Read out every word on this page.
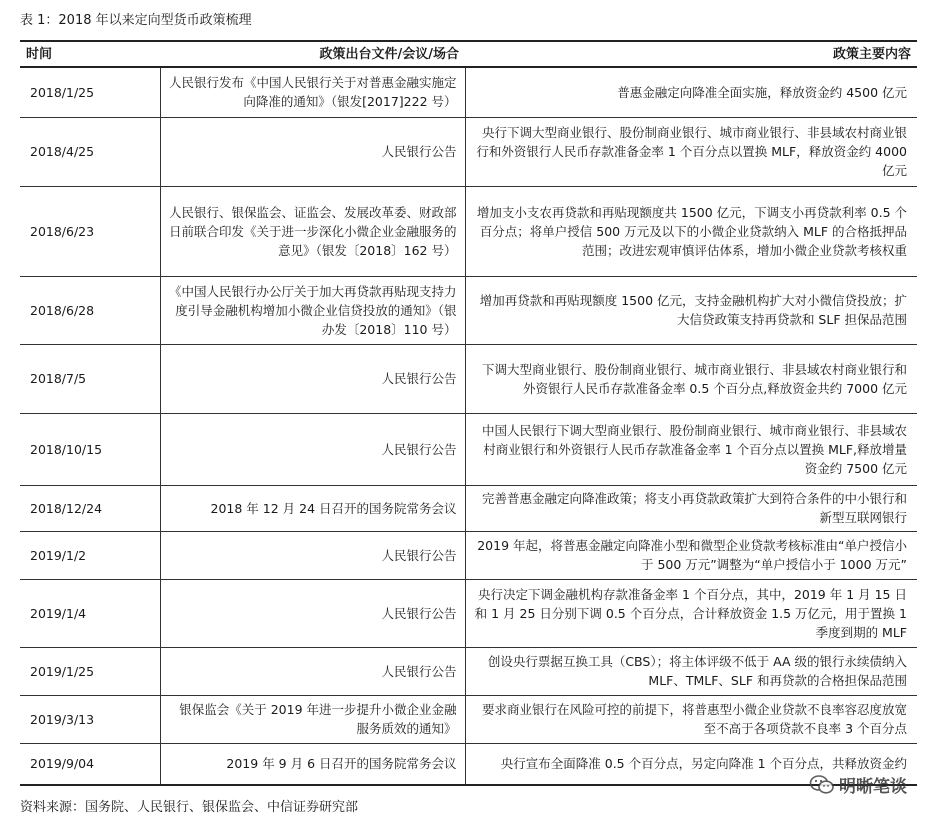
表 1：2018 年以来定向型货币政策梳理
时间	政策出台文件/会议/场合	政策主要内容
2018/1/25	人民银行发布《中国人民银行关于对普惠金融实施定向降准的通知》（银发[2017]222 号）	普惠金融定向降准全面实施，释放资金约 4500 亿元
2018/4/25	人民银行公告	央行下调大型商业银行、股份制商业银行、城市商业银行、非县域农村商业银行和外资银行人民币存款准备金率 1 个百分点以置换 MLF，释放资金约 4000 亿元
2018/6/23	人民银行、银保监会、证监会、发展改革委、财政部日前联合印发《关于进一步深化小微企业金融服务的意见》（银发〔2018〕162 号）	增加支小支农再贷款和再贴现额度共 1500 亿元，下调支小再贷款利率 0.5 个百分点；将单户授信 500 万元及以下的小微企业贷款纳入 MLF 的合格抵押品范围；改进宏观审慎评估体系，增加小微企业贷款考核权重
2018/6/28	《中国人民银行办公厅关于加大再贷款再贴现支持力度引导金融机构增加小微企业信贷投放的通知》（银办发〔2018〕110 号）	增加再贷款和再贴现额度 1500 亿元，支持金融机构扩大对小微信贷投放；扩大信贷政策支持再贷款和 SLF 担保品范围
2018/7/5	人民银行公告	下调大型商业银行、股份制商业银行、城市商业银行、非县域农村商业银行和外资银行人民币存款准备金率 0.5 个百分点,释放资金共约 7000 亿元
2018/10/15	人民银行公告	中国人民银行下调大型商业银行、股份制商业银行、城市商业银行、非县域农村商业银行和外资银行人民币存款准备金率 1 个百分点以置换 MLF,释放增量资金约 7500 亿元
2018/12/24	2018 年 12 月 24 日召开的国务院常务会议	完善普惠金融定向降准政策；将支小再贷款政策扩大到符合条件的中小银行和新型互联网银行
2019/1/2	人民银行公告	2019 年起，将普惠金融定向降准小型和微型企业贷款考核标准由“单户授信小于 500 万元”调整为“单户授信小于 1000 万元”
2019/1/4	人民银行公告	央行决定下调金融机构存款准备金率 1 个百分点，其中，2019 年 1 月 15 日和 1 月 25 日分别下调 0.5 个百分点，合计释放资金 1.5 万亿元，用于置换 1 季度到期的 MLF
2019/1/25	人民银行公告	创设央行票据互换工具（CBS）；将主体评级不低于 AA 级的银行永续债纳入 MLF、TMLF、SLF 和再贷款的合格担保品范围
2019/3/13	银保监会《关于 2019 年进一步提升小微企业金融服务质效的通知》	要求商业银行在风险可控的前提下，将普惠型小微企业贷款不良率容忍度放宽至不高于各项贷款不良率 3 个百分点
2019/9/04	2019 年 9 月 6 日召开的国务院常务会议	央行宣布全面降准 0.5 个百分点，另定向降准 1 个百分点，共释放资金约
资料来源：国务院、人民银行、银保监会、中信证券研究部
明晰笔谈
